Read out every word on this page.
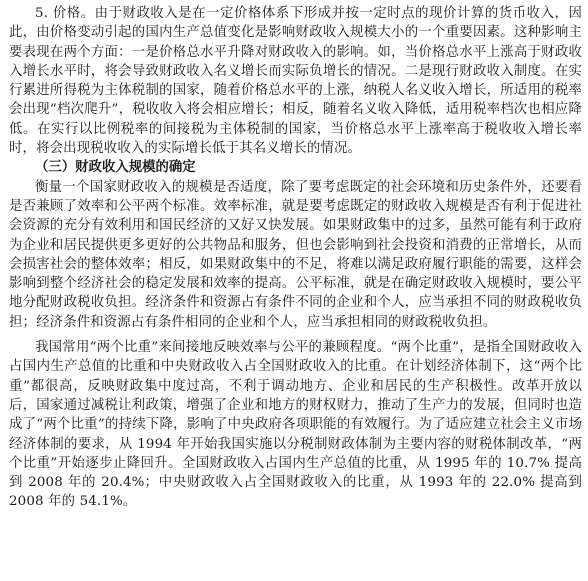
5. 价格。由于财政收入是在一定价格体系下形成并按一定时点的现价计算的货币收入，因此，由价格变动引起的国内生产总值变化是影响财政收入规模大小的一个重要因素。这种影响主要表现在两个方面：一是价格总水平升降对财政收入的影响。如，当价格总水平上涨高于财政收入增长水平时，将会导致财政收入名义增长而实际负增长的情况。二是现行财政收入制度。在实行累进所得税为主体税制的国家，随着价格总水平的上涨，纳税人名义收入增长，所适用的税率会出现“档次爬升”，税收收入将会相应增长；相反，随着名义收入降低，适用税率档次也相应降低。在实行以比例税率的间接税为主体税制的国家，当价格总水平上涨率高于税收收入增长率时，将会出现税收收入的实际增长低于其名义增长的情况。

（三）财政收入规模的确定

衡量一个国家财政收入的规模是否适度，除了要考虑既定的社会环境和历史条件外，还要看是否兼顾了效率和公平两个标准。效率标准，就是要考虑既定的财政收入规模是否有利于促进社会资源的充分有效利用和国民经济的又好又快发展。如果财政集中的过多，虽然可能有利于政府为企业和居民提供更多更好的公共物品和服务，但也会影响到社会投资和消费的正常增长，从而会损害社会的整体效率；相反，如果财政集中的不足，将难以满足政府履行职能的需要，这样会影响到整个经济社会的稳定发展和效率的提高。公平标准，就是在确定财政收入规模时，要公平地分配财政税收负担。经济条件和资源占有条件不同的企业和个人，应当承担不同的财政税收负担；经济条件和资源占有条件相同的企业和个人，应当承担相同的财政税收负担。

我国常用“两个比重”来间接地反映效率与公平的兼顾程度。“两个比重”，是指全国财政收入占国内生产总值的比重和中央财政收入占全国财政收入的比重。在计划经济体制下，这“两个比重”都很高，反映财政集中度过高，不利于调动地方、企业和居民的生产积极性。改革开放以后，国家通过减税让利政策，增强了企业和地方的财权财力，推动了生产力的发展，但同时也造成了“两个比重”的持续下降，影响了中央政府各项职能的有效履行。为了适应建立社会主义市场经济体制的要求，从 1994 年开始我国实施以分税制财政体制为主要内容的财税体制改革，“两个比重”开始逐步止降回升。全国财政收入占国内生产总值的比重，从 1995 年的 10.7% 提高到 2008 年的 20.4%；中央财政收入占全国财政收入的比重，从 1993 年的 22.0% 提高到 2008 年的 54.1%。
